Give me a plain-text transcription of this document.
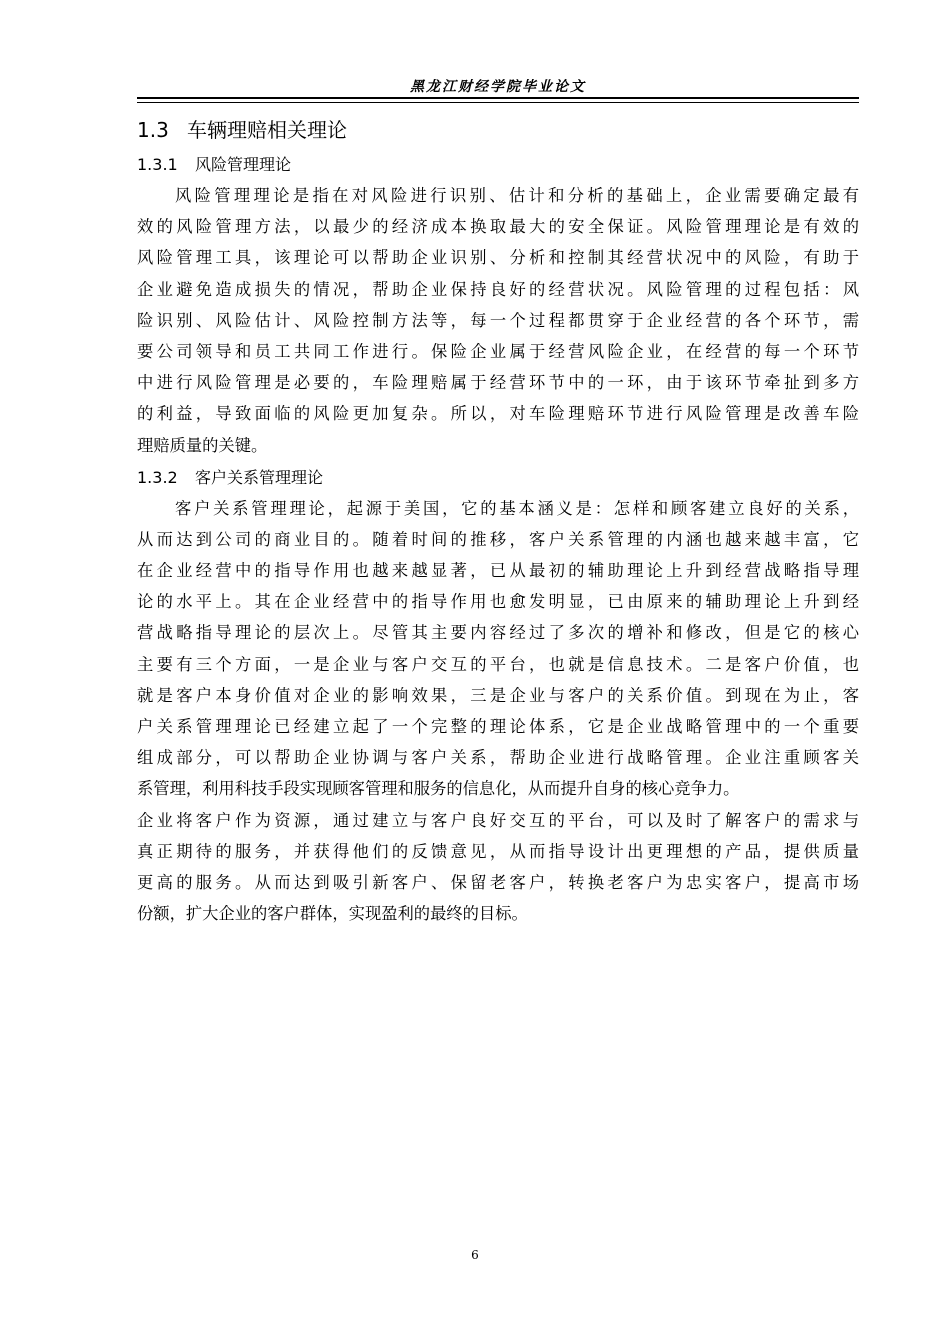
黑龙江财经学院毕业论文
1.3 车辆理赔相关理论
1.3.1 风险管理理论
风险管理理论是指在对风险进行识别、估计和分析的基础上，企业需要确定最有
效的风险管理方法，以最少的经济成本换取最大的安全保证。风险管理理论是有效的
风险管理工具，该理论可以帮助企业识别、分析和控制其经营状况中的风险，有助于
企业避免造成损失的情况，帮助企业保持良好的经营状况。风险管理的过程包括：风
险识别、风险估计、风险控制方法等，每一个过程都贯穿于企业经营的各个环节，需
要公司领导和员工共同工作进行。保险企业属于经营风险企业，在经营的每一个环节
中进行风险管理是必要的，车险理赔属于经营环节中的一环，由于该环节牵扯到多方
的利益，导致面临的风险更加复杂。所以，对车险理赔环节进行风险管理是改善车险
理赔质量的关键。
1.3.2 客户关系管理理论
客户关系管理理论，起源于美国，它的基本涵义是：怎样和顾客建立良好的关系，
从而达到公司的商业目的。随着时间的推移，客户关系管理的内涵也越来越丰富，它
在企业经营中的指导作用也越来越显著，已从最初的辅助理论上升到经营战略指导理
论的水平上。其在企业经营中的指导作用也愈发明显，已由原来的辅助理论上升到经
营战略指导理论的层次上。尽管其主要内容经过了多次的增补和修改，但是它的核心
主要有三个方面，一是企业与客户交互的平台，也就是信息技术。二是客户价值，也
就是客户本身价值对企业的影响效果，三是企业与客户的关系价值。到现在为止，客
户关系管理理论已经建立起了一个完整的理论体系，它是企业战略管理中的一个重要
组成部分，可以帮助企业协调与客户关系，帮助企业进行战略管理。企业注重顾客关
系管理，利用科技手段实现顾客管理和服务的信息化，从而提升自身的核心竞争力。
企业将客户作为资源，通过建立与客户良好交互的平台，可以及时了解客户的需求与
真正期待的服务，并获得他们的反馈意见，从而指导设计出更理想的产品，提供质量
更高的服务。从而达到吸引新客户、保留老客户，转换老客户为忠实客户，提高市场
份额，扩大企业的客户群体，实现盈利的最终的目标。
6
